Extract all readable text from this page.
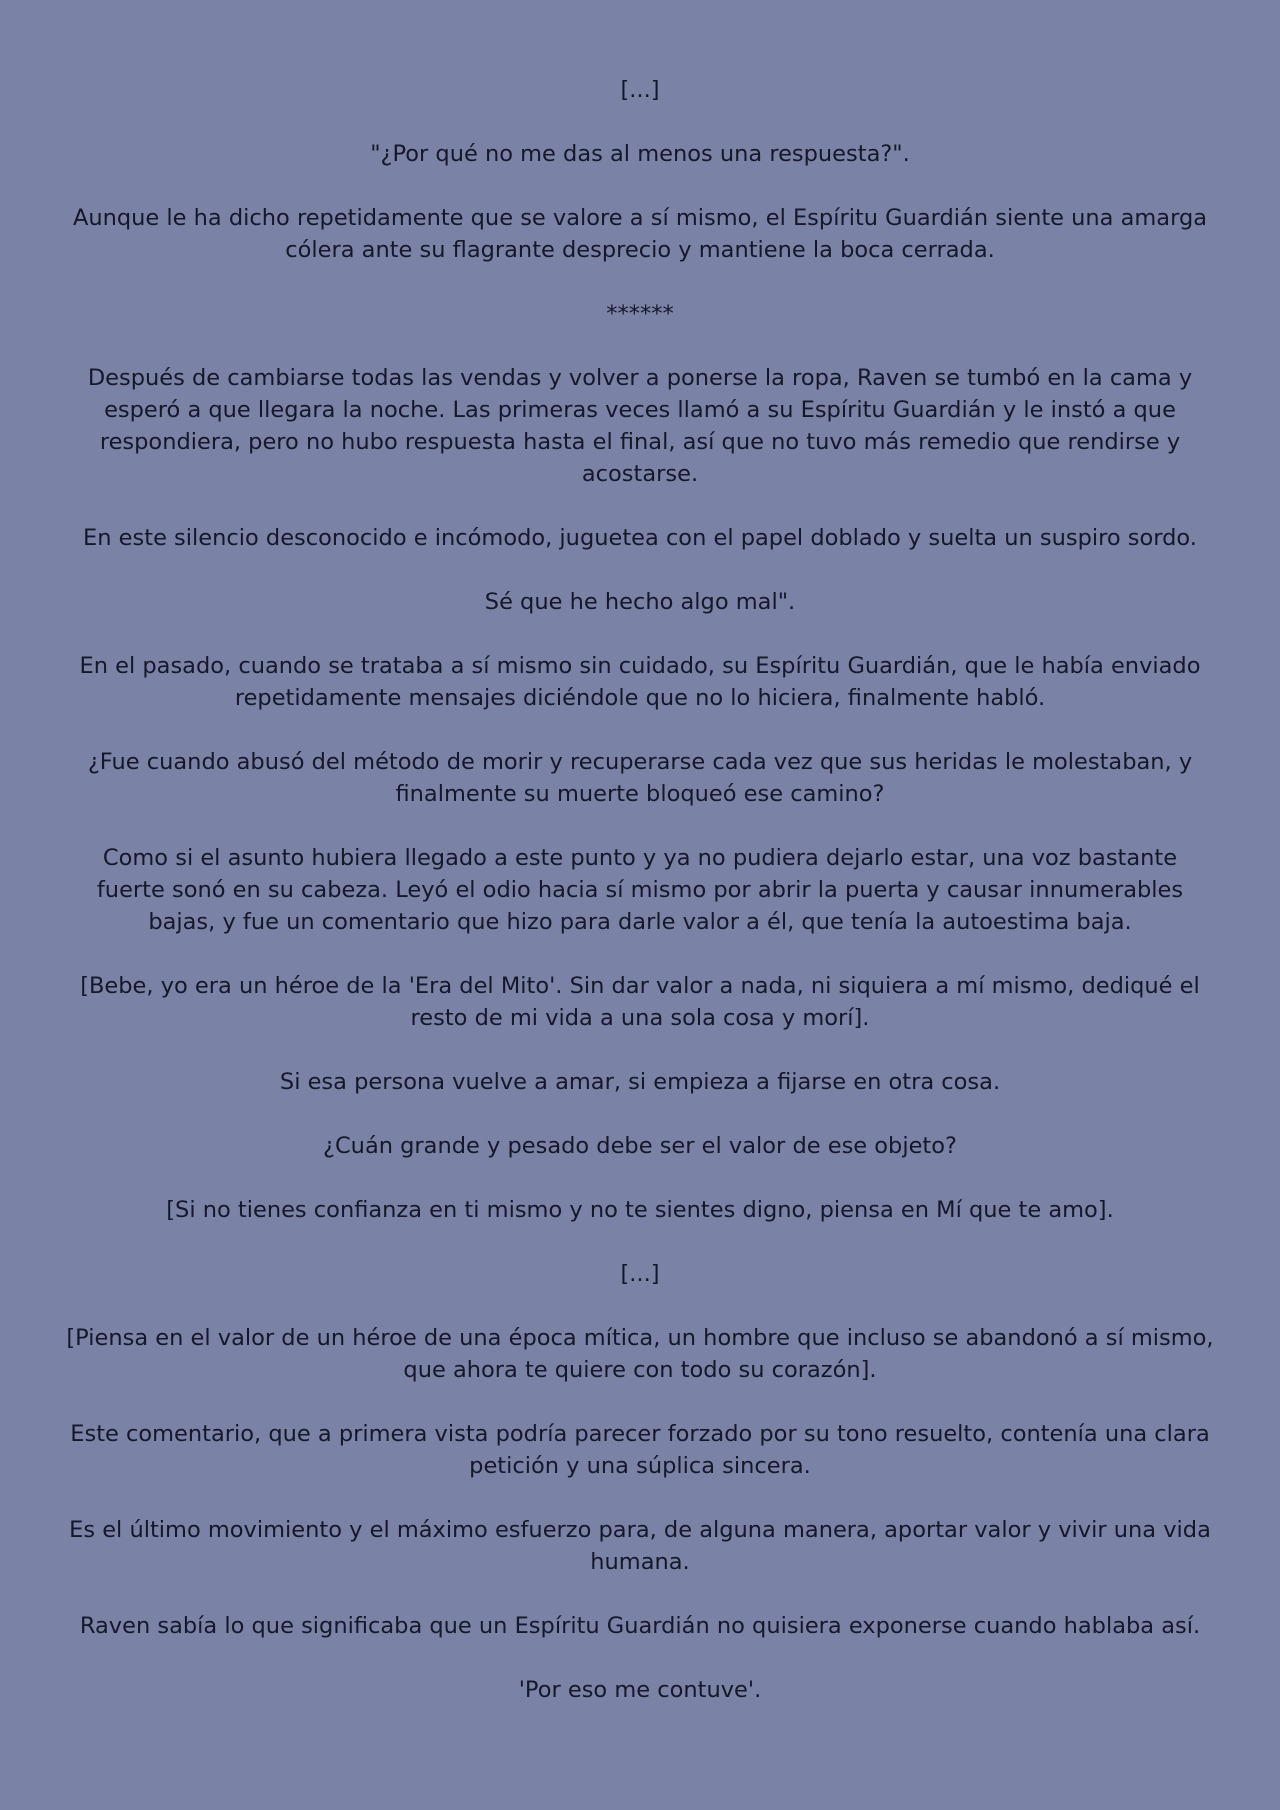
[...]

"¿Por qué no me das al menos una respuesta?".

Aunque le ha dicho repetidamente que se valore a sí mismo, el Espíritu Guardián siente una amarga cólera ante su flagrante desprecio y mantiene la boca cerrada.

******

Después de cambiarse todas las vendas y volver a ponerse la ropa, Raven se tumbó en la cama y esperó a que llegara la noche. Las primeras veces llamó a su Espíritu Guardián y le instó a que respondiera, pero no hubo respuesta hasta el final, así que no tuvo más remedio que rendirse y acostarse.

En este silencio desconocido e incómodo, juguetea con el papel doblado y suelta un suspiro sordo.

Sé que he hecho algo mal".

En el pasado, cuando se trataba a sí mismo sin cuidado, su Espíritu Guardián, que le había enviado repetidamente mensajes diciéndole que no lo hiciera, finalmente habló.

¿Fue cuando abusó del método de morir y recuperarse cada vez que sus heridas le molestaban, y finalmente su muerte bloqueó ese camino?

Como si el asunto hubiera llegado a este punto y ya no pudiera dejarlo estar, una voz bastante fuerte sonó en su cabeza. Leyó el odio hacia sí mismo por abrir la puerta y causar innumerables bajas, y fue un comentario que hizo para darle valor a él, que tenía la autoestima baja.

[Bebe, yo era un héroe de la 'Era del Mito'. Sin dar valor a nada, ni siquiera a mí mismo, dediqué el resto de mi vida a una sola cosa y morí].

Si esa persona vuelve a amar, si empieza a fijarse en otra cosa.

¿Cuán grande y pesado debe ser el valor de ese objeto?

[Si no tienes confianza en ti mismo y no te sientes digno, piensa en Mí que te amo].

[...]

[Piensa en el valor de un héroe de una época mítica, un hombre que incluso se abandonó a sí mismo, que ahora te quiere con todo su corazón].

Este comentario, que a primera vista podría parecer forzado por su tono resuelto, contenía una clara petición y una súplica sincera.

Es el último movimiento y el máximo esfuerzo para, de alguna manera, aportar valor y vivir una vida humana.

Raven sabía lo que significaba que un Espíritu Guardián no quisiera exponerse cuando hablaba así.

'Por eso me contuve'.
